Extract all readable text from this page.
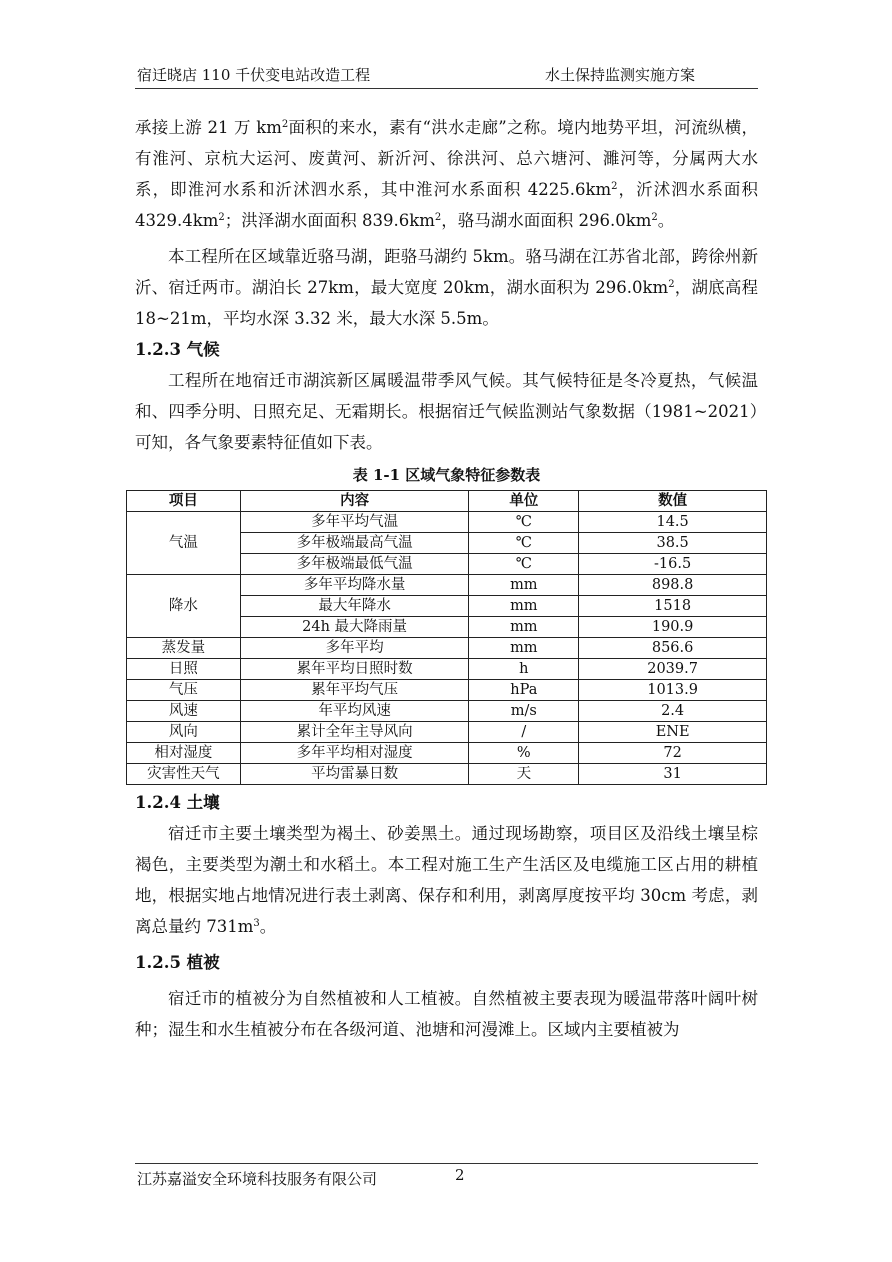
宿迁晓店 110 千伏变电站改造工程	水土保持监测实施方案

承接上游 21 万 $km^2$面积的来水，素有“洪水走廊”之称。境内地势平坦，河流纵横，有淮河、京杭大运河、废黄河、新沂河、徐洪河、总六塘河、濉河等，分属两大水系，即淮河水系和沂沭泗水系，其中淮河水系面积 $4225.6km^2$，沂沭泗水系面积 $4329.4km^2$；洪泽湖水面面积 $839.6km^2$，骆马湖水面面积 $296.0km^2$。

本工程所在区域靠近骆马湖，距骆马湖约 5km。骆马湖在江苏省北部，跨徐州新沂、宿迁两市。湖泊长 27km，最大宽度 20km，湖水面积为 $296.0km^2$，湖底高程 18~21m，平均水深 3.32 米，最大水深 5.5m。

1.2.3 气候

工程所在地宿迁市湖滨新区属暖温带季风气候。其气候特征是冬冷夏热，气候温和、四季分明、日照充足、无霜期长。根据宿迁气候监测站气象数据（1981~2021）可知，各气象要素特征值如下表。

表 1-1 区域气象特征参数表
项目	内容	单位	数值
气温	多年平均气温	℃	14.5
	多年极端最高气温	℃	38.5
	多年极端最低气温	℃	-16.5
降水	多年平均降水量	mm	898.8
	最大年降水	mm	1518
	24h 最大降雨量	mm	190.9
蒸发量	多年平均	mm	856.6
日照	累年平均日照时数	h	2039.7
气压	累年平均气压	hPa	1013.9
风速	年平均风速	m/s	2.4
风向	累计全年主导风向	/	ENE
相对湿度	多年平均相对湿度	%	72
灾害性天气	平均雷暴日数	天	31

1.2.4 土壤

宿迁市主要土壤类型为褐土、砂姜黑土。通过现场勘察，项目区及沿线土壤呈棕褐色，主要类型为潮土和水稻土。本工程对施工生产生活区及电缆施工区占用的耕植地，根据实地占地情况进行表土剥离、保存和利用，剥离厚度按平均 30cm 考虑，剥离总量约 $731m^3$。

1.2.5 植被

宿迁市的植被分为自然植被和人工植被。自然植被主要表现为暖温带落叶阔叶树种；湿生和水生植被分布在各级河道、池塘和河漫滩上。区域内主要植被为

江苏嘉溢安全环境科技服务有限公司	2
